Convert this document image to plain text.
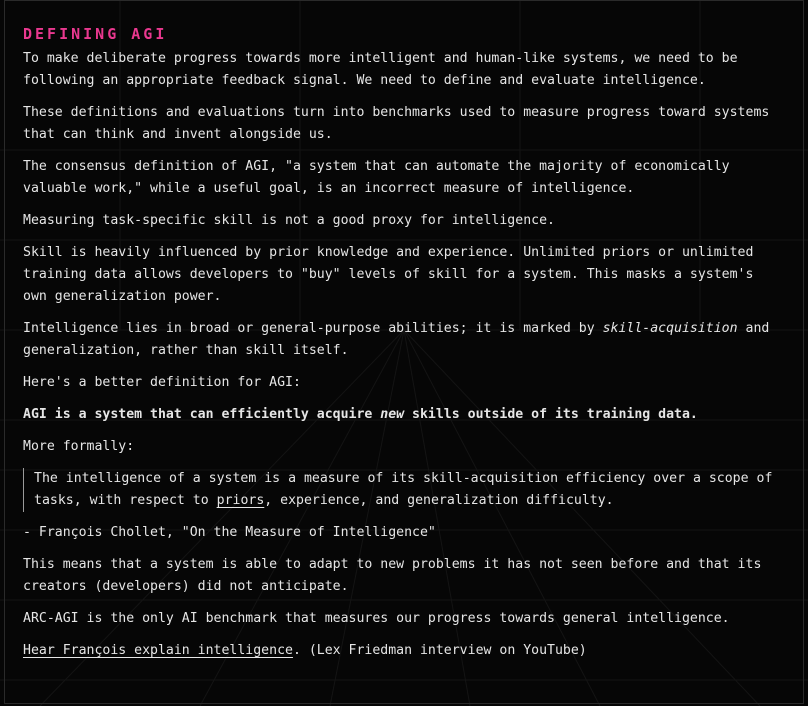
DEFINING AGI

To make deliberate progress towards more intelligent and human-like systems, we need to be following an appropriate feedback signal. We need to define and evaluate intelligence.

These definitions and evaluations turn into benchmarks used to measure progress toward systems that can think and invent alongside us.

The consensus definition of AGI, "a system that can automate the majority of economically valuable work," while a useful goal, is an incorrect measure of intelligence.

Measuring task-specific skill is not a good proxy for intelligence.

Skill is heavily influenced by prior knowledge and experience. Unlimited priors or unlimited training data allows developers to "buy" levels of skill for a system. This masks a system's own generalization power.

Intelligence lies in broad or general-purpose abilities; it is marked by skill-acquisition and generalization, rather than skill itself.

Here's a better definition for AGI:

AGI is a system that can efficiently acquire new skills outside of its training data.

More formally:

The intelligence of a system is a measure of its skill-acquisition efficiency over a scope of tasks, with respect to priors, experience, and generalization difficulty.

- François Chollet, "On the Measure of Intelligence"

This means that a system is able to adapt to new problems it has not seen before and that its creators (developers) did not anticipate.

ARC-AGI is the only AI benchmark that measures our progress towards general intelligence.

Hear François explain intelligence. (Lex Friedman interview on YouTube)
